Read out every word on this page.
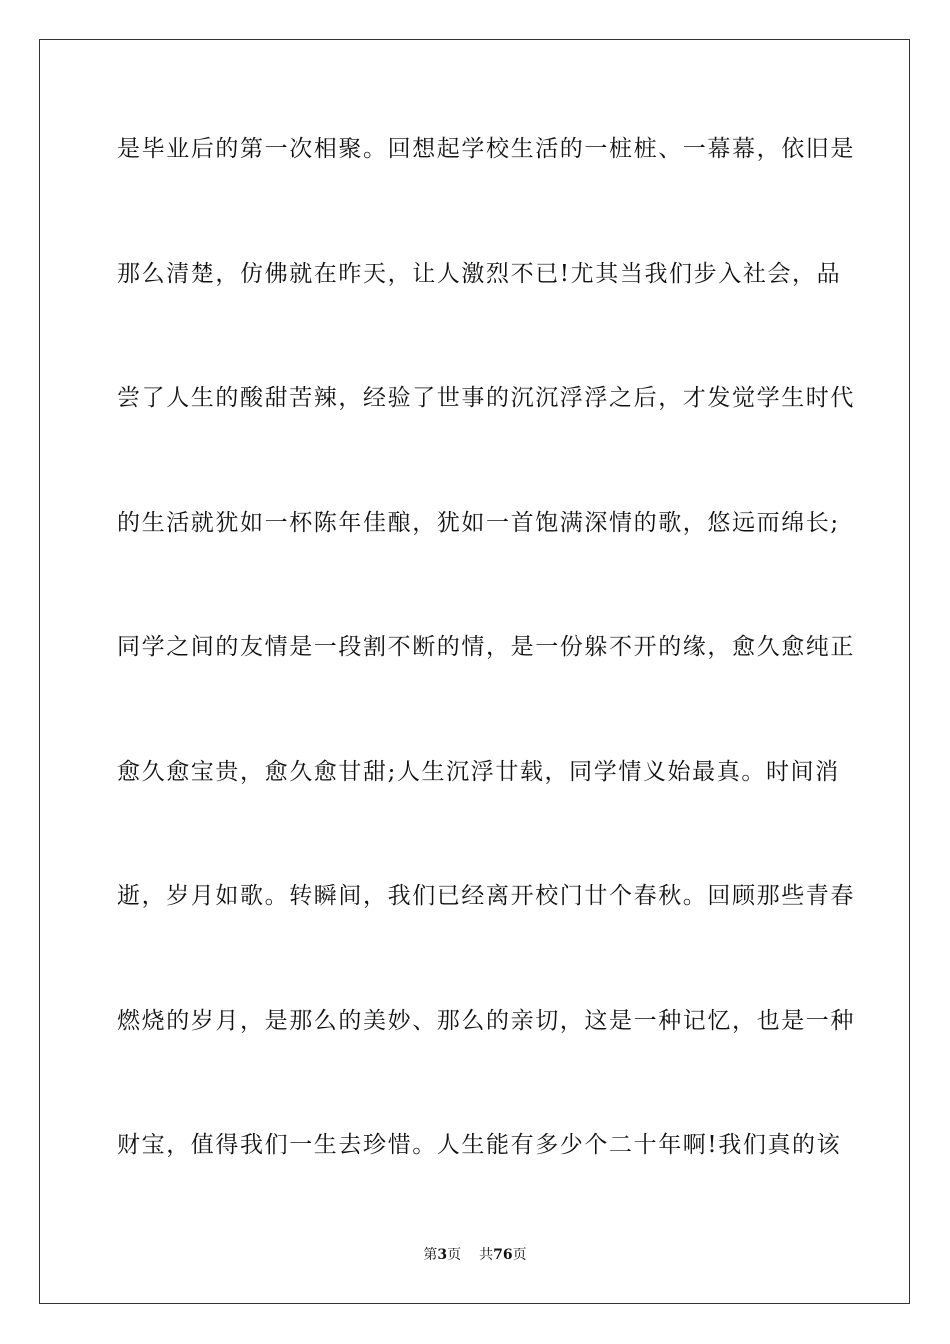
是毕业后的第一次相聚。回想起学校生活的一桩桩、一幕幕，依旧是
那么清楚，仿佛就在昨天，让人激烈不已!尤其当我们步入社会，品
尝了人生的酸甜苦辣，经验了世事的沉沉浮浮之后，才发觉学生时代
的生活就犹如一杯陈年佳酿，犹如一首饱满深情的歌，悠远而绵长;
同学之间的友情是一段割不断的情，是一份躲不开的缘，愈久愈纯正
愈久愈宝贵，愈久愈甘甜;人生沉浮廿载，同学情义始最真。时间消
逝，岁月如歌。转瞬间，我们已经离开校门廿个春秋。回顾那些青春
燃烧的岁月，是那么的美妙、那么的亲切，这是一种记忆，也是一种
财宝，值得我们一生去珍惜。人生能有多少个二十年啊!我们真的该
第3页 共76页
